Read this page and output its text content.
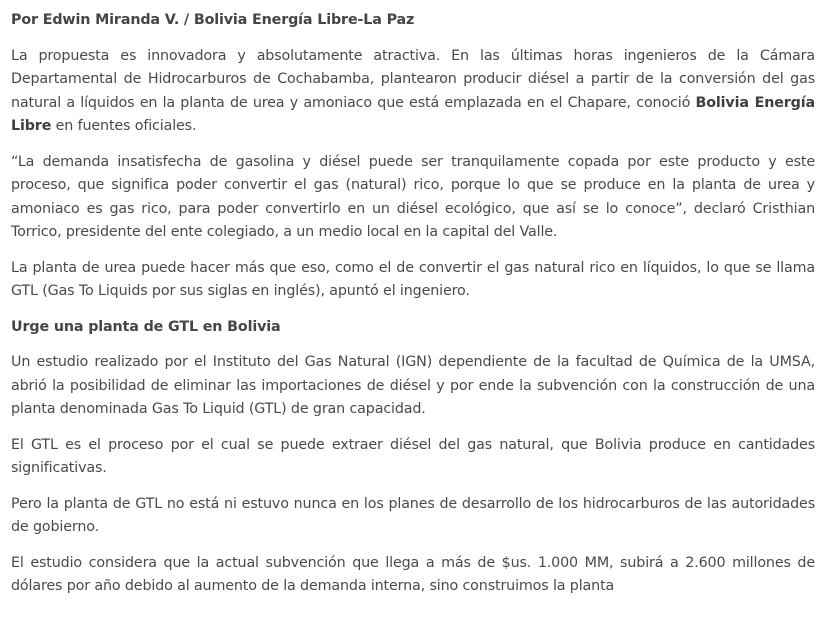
Por Edwin Miranda V. / Bolivia Energía Libre-La Paz

La propuesta es innovadora y absolutamente atractiva. En las últimas horas ingenieros de la Cámara Departamental de Hidrocarburos de Cochabamba, plantearon producir diésel a partir de la conversión del gas natural a líquidos en la planta de urea y amoniaco que está emplazada en el Chapare, conoció Bolivia Energía Libre en fuentes oficiales.

“La demanda insatisfecha de gasolina y diésel puede ser tranquilamente copada por este producto y este proceso, que significa poder convertir el gas (natural) rico, porque lo que se produce en la planta de urea y amoniaco es gas rico, para poder convertirlo en un diésel ecológico, que así se lo conoce”, declaró Cristhian Torrico, presidente del ente colegiado, a un medio local en la capital del Valle.

La planta de urea puede hacer más que eso, como el de convertir el gas natural rico en líquidos, lo que se llama GTL (Gas To Liquids por sus siglas en inglés), apuntó el ingeniero.

Urge una planta de GTL en Bolivia

Un estudio realizado por el Instituto del Gas Natural (IGN) dependiente de la facultad de Química de la UMSA, abrió la posibilidad de eliminar las importaciones de diésel y por ende la subvención con la construcción de una planta denominada Gas To Liquid (GTL) de gran capacidad.

El GTL es el proceso por el cual se puede extraer diésel del gas natural, que Bolivia produce en cantidades significativas.

Pero la planta de GTL no está ni estuvo nunca en los planes de desarrollo de los hidrocarburos de las autoridades de gobierno.

El estudio considera que la actual subvención que llega a más de $us. 1.000 MM, subirá a 2.600 millones de dólares por año debido al aumento de la demanda interna, sino construimos la planta
